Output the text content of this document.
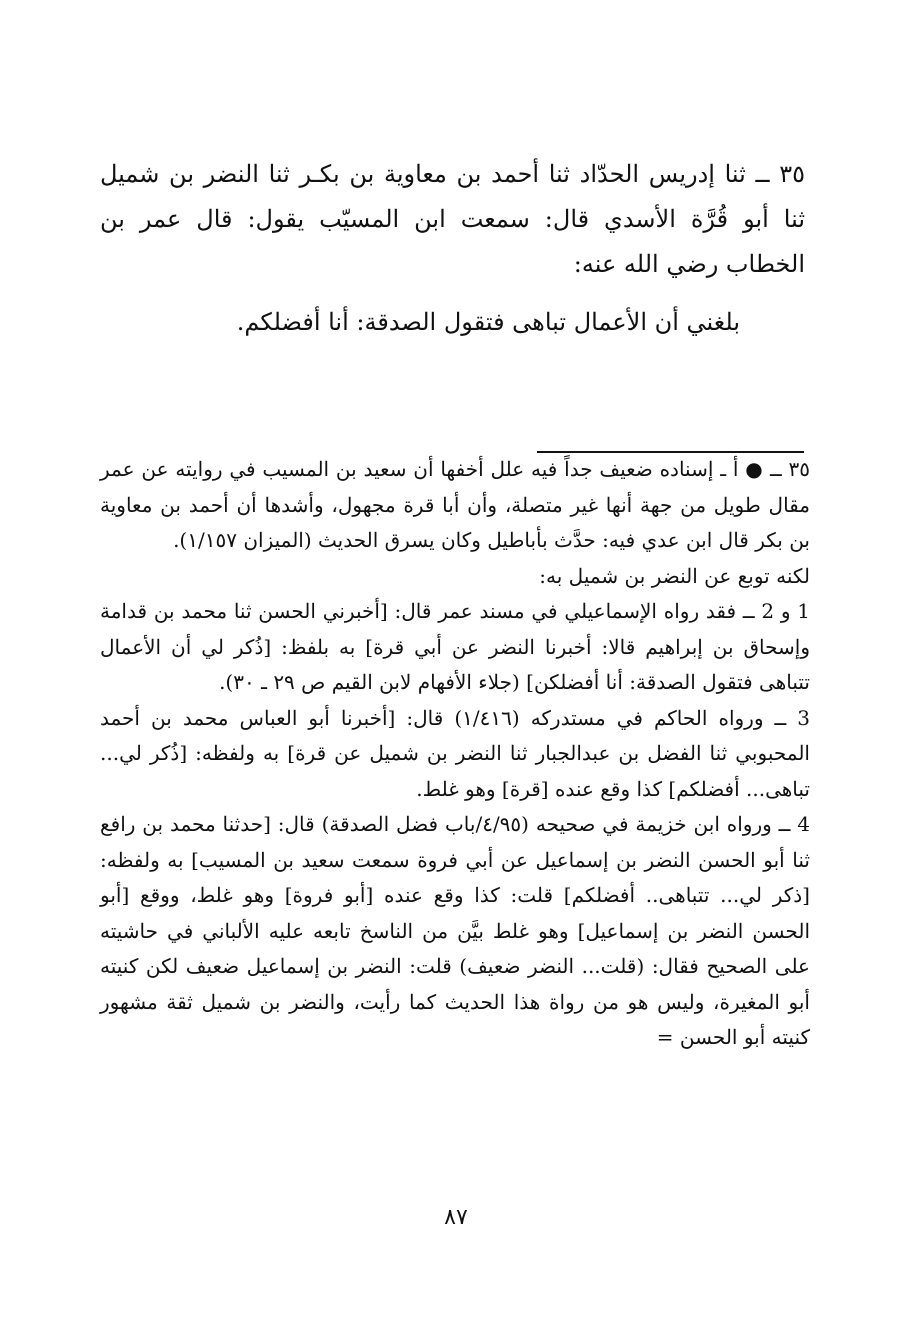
٣٥ ــ ثنا إدريس الحدّاد ثنا أحمد بن معاوية بن بكـر ثنا النضر بن شميل ثنا أبو قُرَّة الأسدي قال: سمعت ابن المسيّب يقول: قال عمر بن الخطاب رضي الله عنه:

بلغني أن الأعمال تباهى فتقول الصدقة: أنا أفضلكم.

٣٥ ــ ● أ ـ إسناده ضعيف جداً فيه علل أخفها أن سعيد بن المسيب في روايته عن عمر مقال طويل من جهة أنها غير متصلة، وأن أبا قرة مجهول، وأشدها أن أحمد بن معاوية بن بكر قال ابن عدي فيه: حدَّث بأباطيل وكان يسرق الحديث (الميزان ١/١٥٧).

لكنه توبع عن النضر بن شميل به:

1 و 2 ــ فقد رواه الإسماعيلي في مسند عمر قال: [أخبرني الحسن ثنا محمد بن قدامة وإسحاق بن إبراهيم قالا: أخبرنا النضر عن أبي قرة] به بلفظ: [ذُكر لي أن الأعمال تتباهى فتقول الصدقة: أنا أفضلكن] (جلاء الأفهام لابن القيم ص ٢٩ ـ ٣٠).

3 ــ ورواه الحاكم في مستدركه (١/٤١٦) قال: [أخبرنا أبو العباس محمد بن أحمد المحبوبي ثنا الفضل بن عبدالجبار ثنا النضر بن شميل عن قرة] به ولفظه: [ذُكر لي... تباهى... أفضلكم] كذا وقع عنده [قرة] وهو غلط.

4 ــ ورواه ابن خزيمة في صحيحه (٤/٩٥/باب فضل الصدقة) قال: [حدثنا محمد بن رافع ثنا أبو الحسن النضر بن إسماعيل عن أبي فروة سمعت سعيد بن المسيب] به ولفظه: [ذكر لي... تتباهى.. أفضلكم] قلت: كذا وقع عنده [أبو فروة] وهو غلط، ووقع [أبو الحسن النضر بن إسماعيل] وهو غلط بيَّن من الناسخ تابعه عليه الألباني في حاشيته على الصحيح فقال: (قلت... النضر ضعيف) قلت: النضر بن إسماعيل ضعيف لكن كنيته أبو المغيرة، وليس هو من رواة هذا الحديث كما رأيت، والنضر بن شميل ثقة مشهور كنيته أبو الحسن =

٨٧
